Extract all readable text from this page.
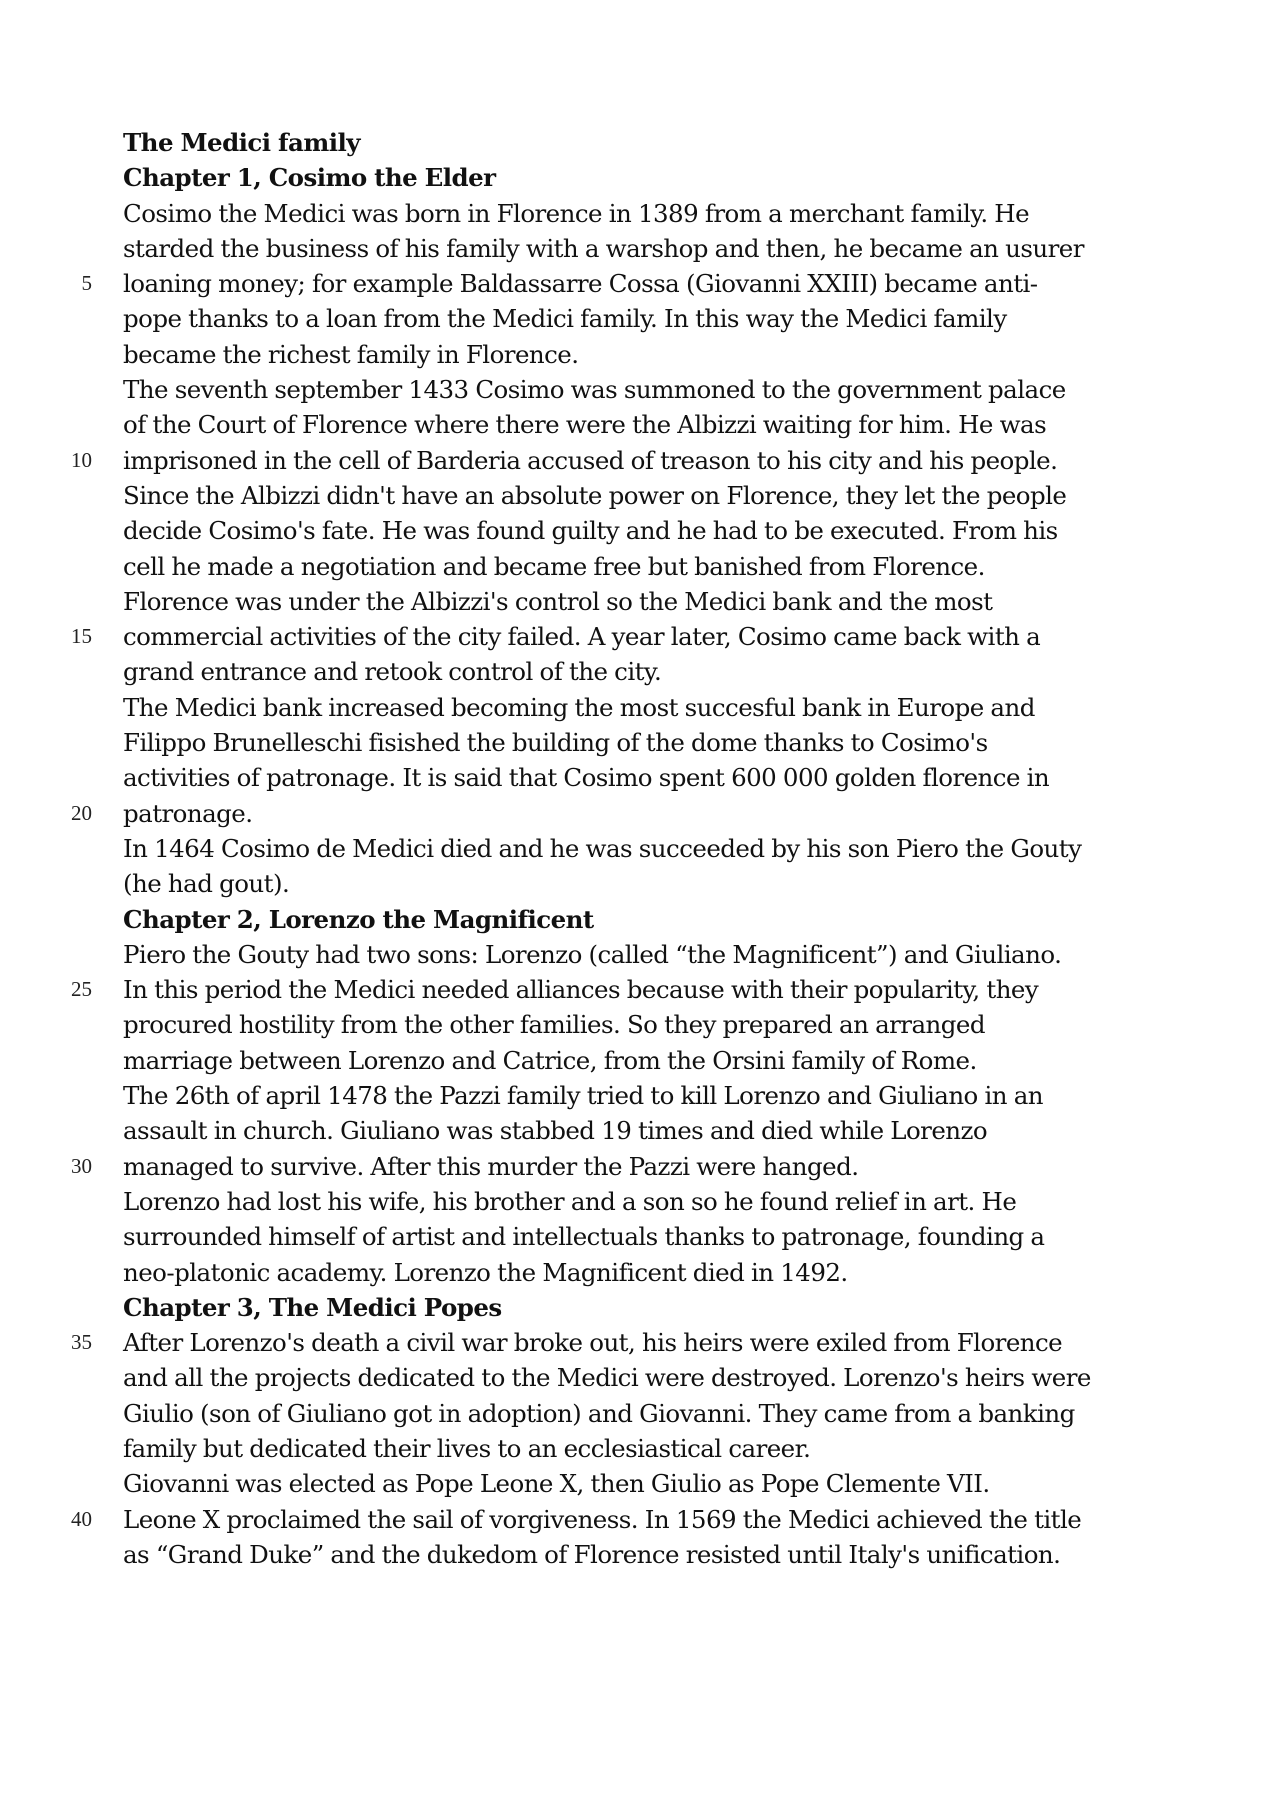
The Medici family
Chapter 1, Cosimo the Elder
Cosimo the Medici was born in Florence in 1389 from a merchant family. He
starded the business of his family with a warshop and then, he became an usurer
5 loaning money; for example Baldassarre Cossa (Giovanni XXIII) became anti-
pope thanks to a loan from the Medici family. In this way the Medici family
became the richest family in Florence.
The seventh september 1433 Cosimo was summoned to the government palace
of the Court of Florence where there were the Albizzi waiting for him. He was
10 imprisoned in the cell of Barderia accused of treason to his city and his people.
Since the Albizzi didn't have an absolute power on Florence, they let the people
decide Cosimo's fate. He was found guilty and he had to be executed. From his
cell he made a negotiation and became free but banished from Florence.
Florence was under the Albizzi's control so the Medici bank and the most
15 commercial activities of the city failed. A year later, Cosimo came back with a
grand entrance and retook control of the city.
The Medici bank increased becoming the most succesful bank in Europe and
Filippo Brunelleschi fisished the building of the dome thanks to Cosimo's
activities of patronage. It is said that Cosimo spent 600 000 golden florence in
20 patronage.
In 1464 Cosimo de Medici died and he was succeeded by his son Piero the Gouty
(he had gout).
Chapter 2, Lorenzo the Magnificent
Piero the Gouty had two sons: Lorenzo (called “the Magnificent”) and Giuliano.
25 In this period the Medici needed alliances because with their popularity, they
procured hostility from the other families. So they prepared an arranged
marriage between Lorenzo and Catrice, from the Orsini family of Rome.
The 26th of april 1478 the Pazzi family tried to kill Lorenzo and Giuliano in an
assault in church. Giuliano was stabbed 19 times and died while Lorenzo
30 managed to survive. After this murder the Pazzi were hanged.
Lorenzo had lost his wife, his brother and a son so he found relief in art. He
surrounded himself of artist and intellectuals thanks to patronage, founding a
neo-platonic academy. Lorenzo the Magnificent died in 1492.
Chapter 3, The Medici Popes
35 After Lorenzo's death a civil war broke out, his heirs were exiled from Florence
and all the projects dedicated to the Medici were destroyed. Lorenzo's heirs were
Giulio (son of Giuliano got in adoption) and Giovanni. They came from a banking
family but dedicated their lives to an ecclesiastical career.
Giovanni was elected as Pope Leone X, then Giulio as Pope Clemente VII.
40 Leone X proclaimed the sail of vorgiveness. In 1569 the Medici achieved the title
as “Grand Duke” and the dukedom of Florence resisted until Italy's unification.
